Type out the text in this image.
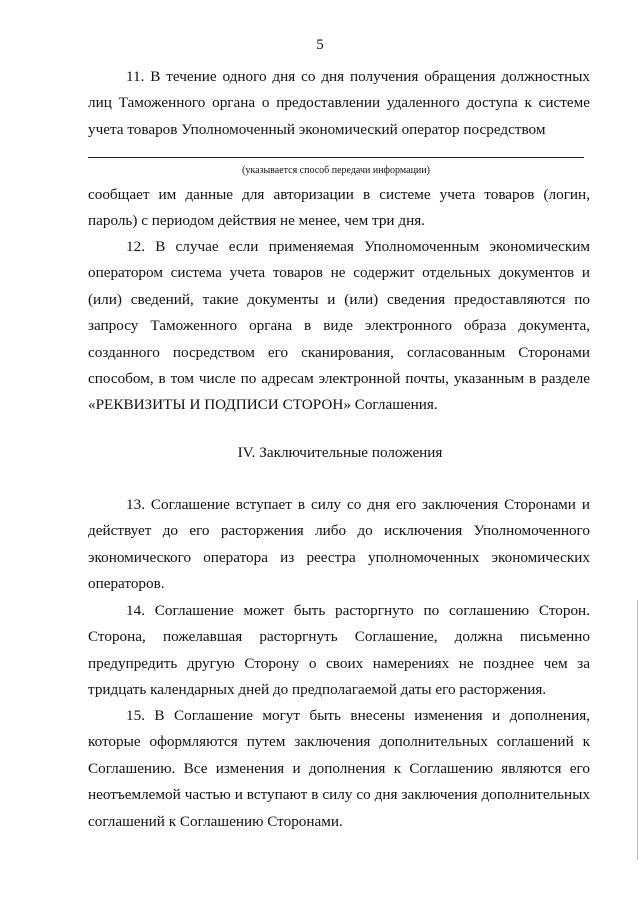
5

11. В течение одного дня со дня получения обращения должностных лиц Таможенного органа о предоставлении удаленного доступа к системе учета товаров Уполномоченный экономический оператор посредством

(указывается способ передачи информации)

сообщает им данные для авторизации в системе учета товаров (логин, пароль) с периодом действия не менее, чем три дня.

12. В случае если применяемая Уполномоченным экономическим оператором система учета товаров не содержит отдельных документов и (или) сведений, такие документы и (или) сведения предоставляются по запросу Таможенного органа в виде электронного образа документа, созданного посредством его сканирования, согласованным Сторонами способом, в том числе по адресам электронной почты, указанным в разделе «РЕКВИЗИТЫ И ПОДПИСИ СТОРОН» Соглашения.

IV. Заключительные положения

13. Соглашение вступает в силу со дня его заключения Сторонами и действует до его расторжения либо до исключения Уполномоченного экономического оператора из реестра уполномоченных экономических операторов.

14. Соглашение может быть расторгнуто по соглашению Сторон. Сторона, пожелавшая расторгнуть Соглашение, должна письменно предупредить другую Сторону о своих намерениях не позднее чем за тридцать календарных дней до предполагаемой даты его расторжения.

15. В Соглашение могут быть внесены изменения и дополнения, которые оформляются путем заключения дополнительных соглашений к Соглашению. Все изменения и дополнения к Соглашению являются его неотъемлемой частью и вступают в силу со дня заключения дополнительных соглашений к Соглашению Сторонами.
